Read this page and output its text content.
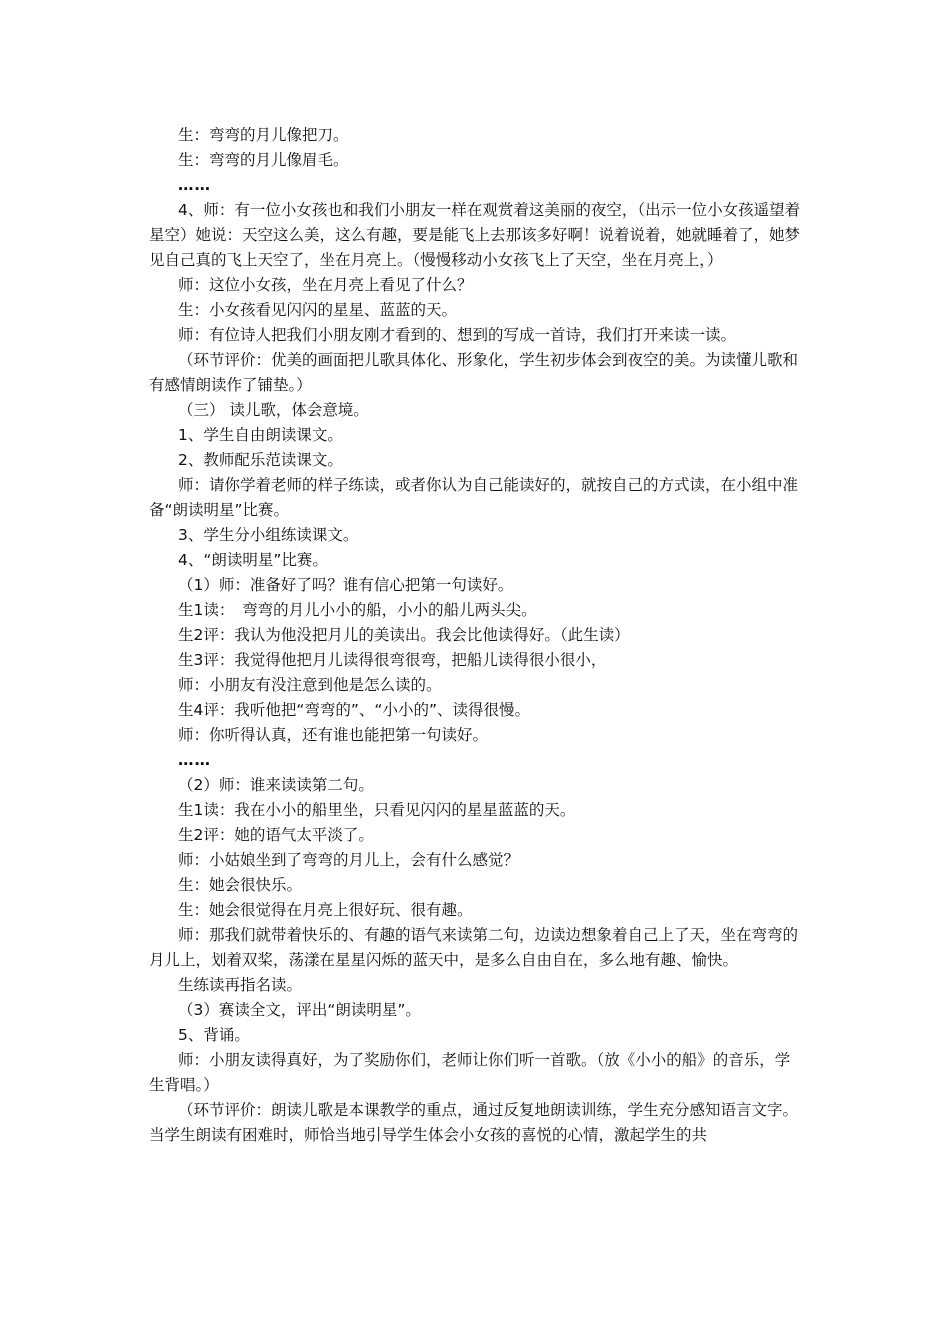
生：弯弯的月儿像把刀。

生：弯弯的月儿像眉毛。

……

4、师：有一位小女孩也和我们小朋友一样在观赏着这美丽的夜空，（出示一位小女孩遥望着星空）她说：天空这么美，这么有趣，要是能飞上去那该多好啊！说着说着，她就睡着了，她梦见自己真的飞上天空了，坐在月亮上。（慢慢移动小女孩飞上了天空，坐在月亮上，）

师：这位小女孩，坐在月亮上看见了什么？

生：小女孩看见闪闪的星星、蓝蓝的天。

师：有位诗人把我们小朋友刚才看到的、想到的写成一首诗，我们打开来读一读。

（环节评价：优美的画面把儿歌具体化、形象化，学生初步体会到夜空的美。为读懂儿歌和有感情朗读作了铺垫。）

（三） 读儿歌，体会意境。

1、学生自由朗读课文。

2、教师配乐范读课文。

师：请你学着老师的样子练读，或者你认为自己能读好的，就按自己的方式读，在小组中准备“朗读明星”比赛。

3、学生分小组练读课文。

4、“朗读明星”比赛。

（1）师：准备好了吗？谁有信心把第一句读好。

生1读：　弯弯的月儿小小的船，小小的船儿两头尖。

生2评：我认为他没把月儿的美读出。我会比他读得好。（此生读）

生3评：我觉得他把月儿读得很弯很弯，把船儿读得很小很小，

师：小朋友有没注意到他是怎么读的。

生4评：我听他把“弯弯的”、“小小的”、读得很慢。

师：你听得认真，还有谁也能把第一句读好。

……

（2）师：谁来读读第二句。

生1读：我在小小的船里坐，只看见闪闪的星星蓝蓝的天。

生2评：她的语气太平淡了。

师：小姑娘坐到了弯弯的月儿上，会有什么感觉？

生：她会很快乐。

生：她会很觉得在月亮上很好玩、很有趣。

师：那我们就带着快乐的、有趣的语气来读第二句，边读边想象着自己上了天，坐在弯弯的月儿上，划着双桨，荡漾在星星闪烁的蓝天中，是多么自由自在，多么地有趣、愉快。

生练读再指名读。

（3）赛读全文，评出“朗读明星”。

5、背诵。

师：小朋友读得真好，为了奖励你们，老师让你们听一首歌。（放《小小的船》的音乐，学生背唱。）

（环节评价：朗读儿歌是本课教学的重点，通过反复地朗读训练，学生充分感知语言文字。当学生朗读有困难时，师恰当地引导学生体会小女孩的喜悦的心情，激起学生的共
